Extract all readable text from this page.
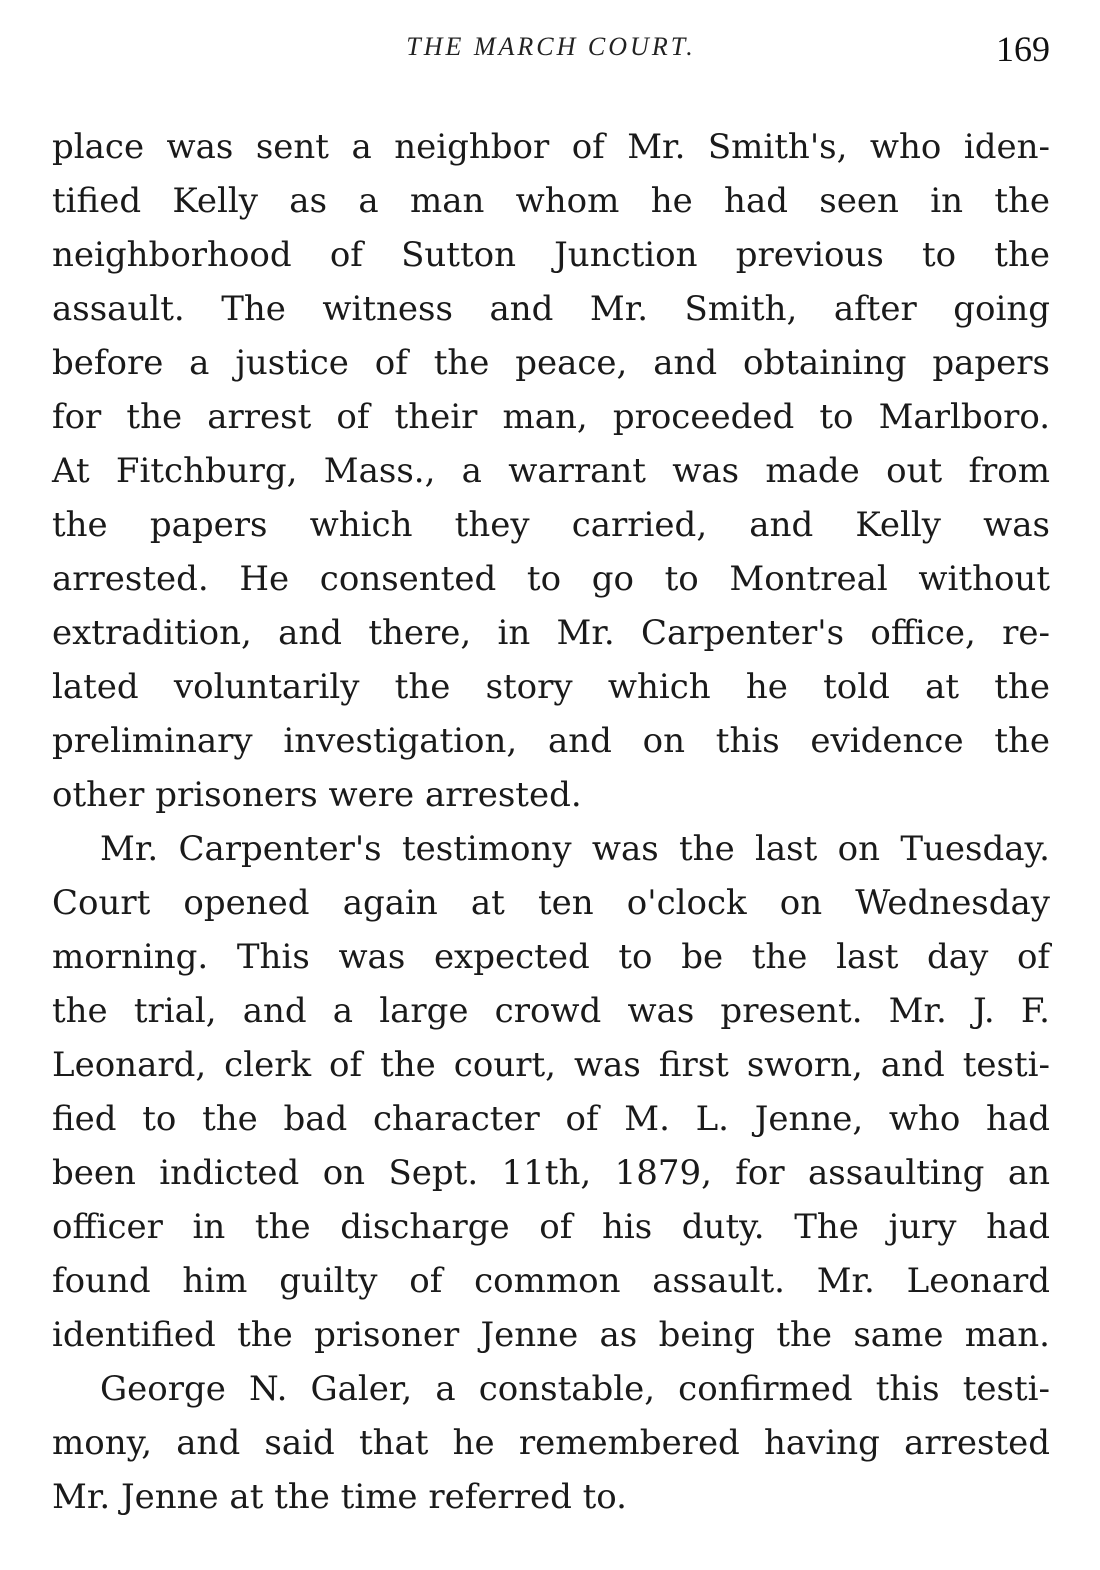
THE MARCH COURT.	169
place was sent a neighbor of Mr. Smith's, who iden-
tified Kelly as a man whom he had seen in the
neighborhood of Sutton Junction previous to the
assault. The witness and Mr. Smith, after going
before a justice of the peace, and obtaining papers
for the arrest of their man, proceeded to Marlboro.
At Fitchburg, Mass., a warrant was made out from
the papers which they carried, and Kelly was
arrested. He consented to go to Montreal without
extradition, and there, in Mr. Carpenter's office, re-
lated voluntarily the story which he told at the
preliminary investigation, and on this evidence the
other prisoners were arrested.
Mr. Carpenter's testimony was the last on Tuesday.
Court opened again at ten o'clock on Wednesday
morning. This was expected to be the last day of
the trial, and a large crowd was present. Mr. J. F.
Leonard, clerk of the court, was first sworn, and testi-
fied to the bad character of M. L. Jenne, who had
been indicted on Sept. 11th, 1879, for assaulting an
officer in the discharge of his duty. The jury had
found him guilty of common assault. Mr. Leonard
identified the prisoner Jenne as being the same man.
George N. Galer, a constable, confirmed this testi-
mony, and said that he remembered having arrested
Mr. Jenne at the time referred to.
